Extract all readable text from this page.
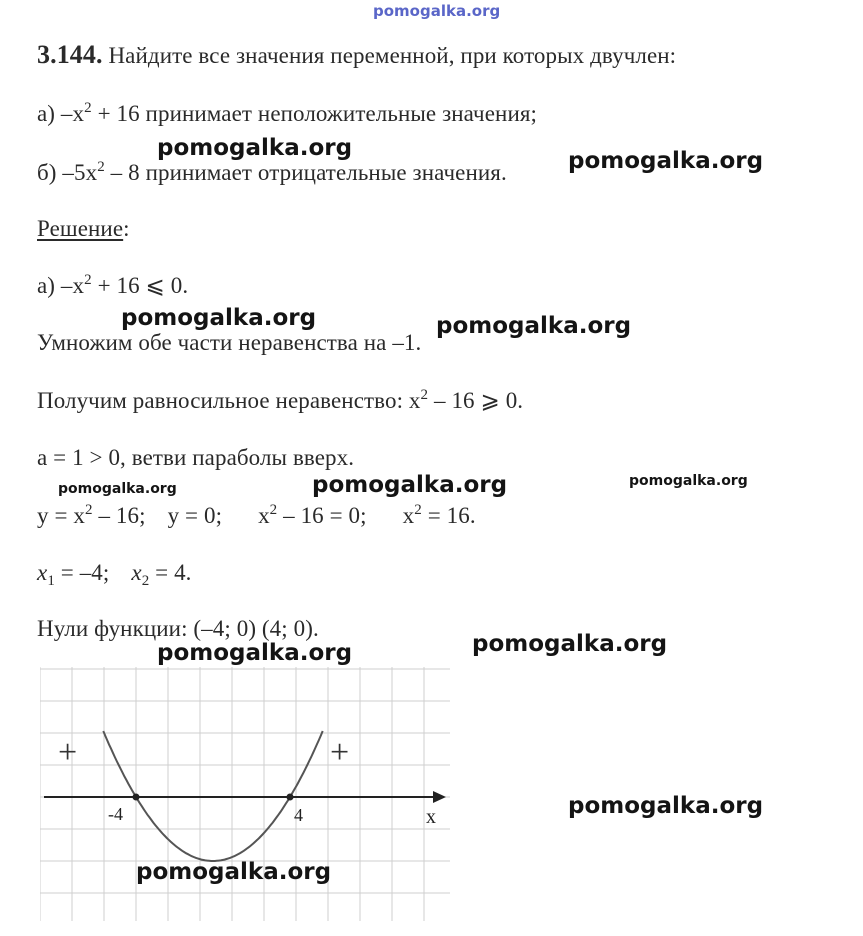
pomogalka.org
3.144. Найдите все значения переменной, при которых двучлен:
а) $-x^2 + 16$ принимает неположительные значения;
б) $-5x^2 - 8$ принимает отрицательные значения.
Решение:
а) $-x^2 + 16$ ⩽ 0.
Умножим обе части неравенства на –1.
Получим равносильное неравенство: $x^2 - 16$ ⩾ 0.
a = 1 > 0, ветви параболы вверх.
$y = x^2 - 16$; y = 0; $x^2 - 16 = 0$; $x^2 = 16$.
$x_1 = -4$; $x_2 = 4$.
Нули функции: (–4; 0) (4; 0).
+	+
-4	4	x
pomogalka.org	pomogalka.org
pomogalka.org	pomogalka.org
pomogalka.org	pomogalka.org	pomogalka.org
pomogalka.org	pomogalka.org
pomogalka.org
pomogalka.org
